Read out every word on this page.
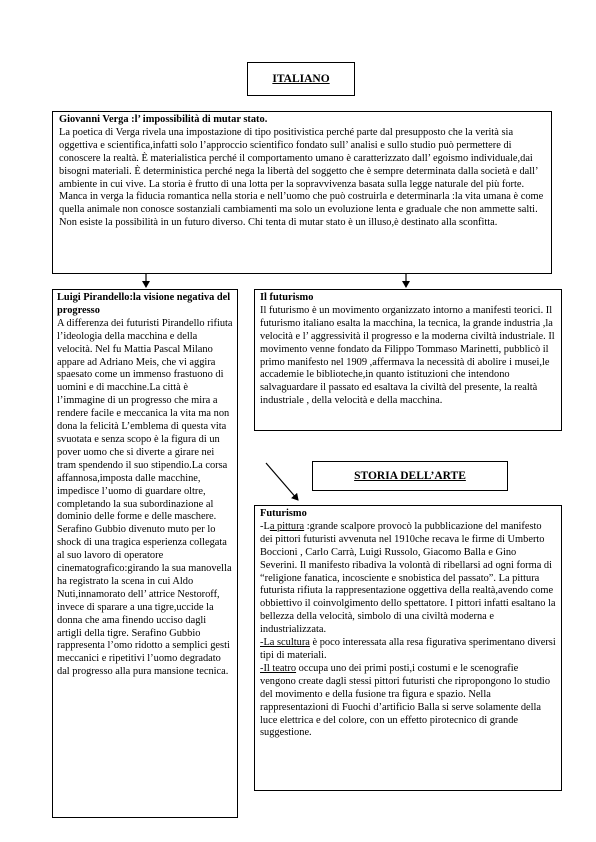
ITALIANO
Giovanni Verga :l’ impossibilità di mutar stato.
La poetica di Verga rivela una impostazione di tipo positivistica perché parte dal presupposto che la verità sia oggettiva e scientifica,infatti solo l’approccio scientifico fondato sull’ analisi e sullo studio può permettere di conoscere la realtà. È materialistica perché il comportamento umano è caratterizzato dall’ egoismo individuale,dai bisogni materiali. È deterministica perché nega la libertà del soggetto che è sempre determinata dalla società e dall’ ambiente in cui vive. La storia è frutto di una lotta per la sopravvivenza basata sulla legge naturale del più forte. Manca in verga la fiducia romantica nella storia e nell’uomo che può costruirla e determinarla :la vita umana è come quella animale non conosce sostanziali cambiamenti ma solo un evoluzione lenta e graduale che non ammette salti. Non esiste la possibilità in un futuro diverso. Chi tenta di mutar stato è un illuso,è destinato alla sconfitta.
Luigi Pirandello:la visione negativa del progresso
A differenza dei futuristi Pirandello rifiuta l’ideologia della macchina e della velocità. Nel fu Mattia Pascal Milano appare ad Adriano Meis, che vi aggira spaesato come un immenso frastuono di uomini e di macchine.La città è l’immagine di un progresso che mira a rendere facile e meccanica la vita ma non dona la felicità L’emblema di questa vita svuotata e senza scopo è la figura di un pover uomo che si diverte a girare nei tram spendendo il suo stipendio.La corsa affannosa,imposta dalle macchine, impedisce l’uomo di guardare oltre, completando la sua subordinazione al dominio delle forme e delle maschere. Serafino Gubbio divenuto muto per lo shock di una tragica esperienza collegata al suo lavoro di operatore cinematografico:girando la sua manovella ha registrato la scena in cui Aldo Nuti,innamorato dell’ attrice Nestoroff, invece di sparare a una tigre,uccide la donna che ama finendo ucciso dagli artigli della tigre. Serafino Gubbio rappresenta l’omo ridotto a semplici gesti meccanici e ripetitivi l’uomo degradato dal progresso alla pura mansione tecnica.
Il futurismo
Il futurismo è un movimento organizzato intorno a manifesti teorici. Il futurismo italiano esalta la macchina, la tecnica, la grande industria ,la velocità e l’ aggressività il progresso e la moderna civiltà industriale. Il movimento venne fondato da Filippo Tommaso Marinetti, pubblicò il primo manifesto nel 1909 ,affermava la necessità di abolire i musei,le accademie le biblioteche,in quanto istituzioni che intendono salvaguardare il passato ed esaltava la civiltà del presente, la realtà industriale , della velocità e della macchina.
STORIA DELL’ARTE
Futurismo
-La pittura :grande scalpore provocò la pubblicazione del manifesto dei pittori futuristi avvenuta nel 1910che recava le firme di Umberto Boccioni , Carlo Carrà, Luigi Russolo, Giacomo Balla e Gino Severini. Il manifesto ribadiva la volontà di ribellarsi ad ogni forma di “religione fanatica, incosciente e snobistica del passato”. La pittura futurista rifiuta la rappresentazione oggettiva della realtà,avendo come obbiettivo il coinvolgimento dello spettatore. I pittori infatti esaltano la bellezza della velocità, simbolo di una civiltà moderna e industrializzata.
-La scultura è poco interessata alla resa figurativa sperimentano diversi tipi di materiali.
-Il teatro occupa uno dei primi posti,i costumi e le scenografie vengono create dagli stessi pittori futuristi che ripropongono lo studio del movimento e della fusione tra figura e spazio. Nella rappresentazioni di Fuochi d’artificio Balla si serve solamente della luce elettrica e del colore, con un effetto pirotecnico di grande suggestione.
